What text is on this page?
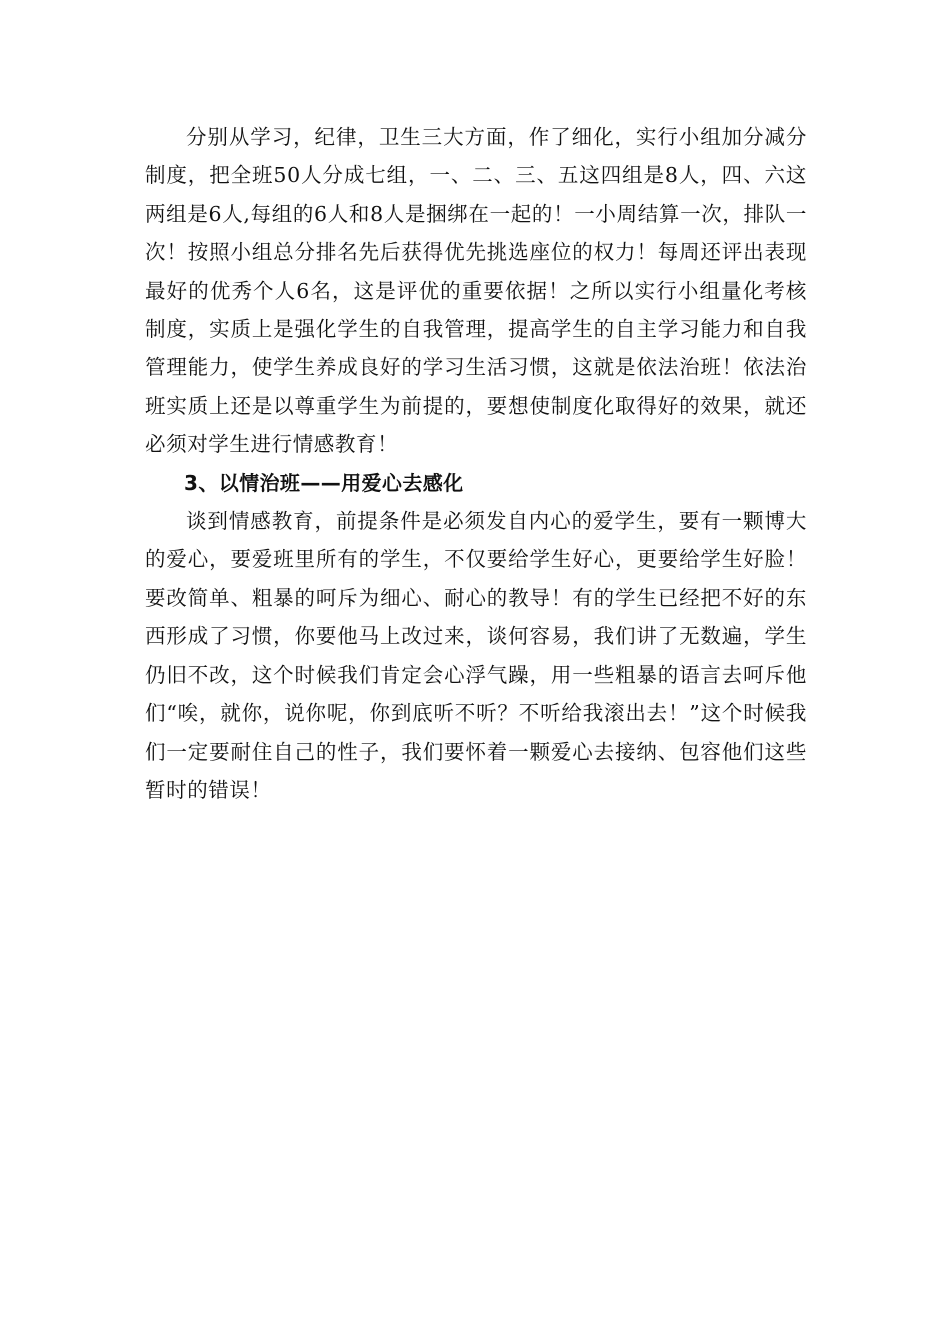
分别从学习，纪律，卫生三大方面，作了细化，实行小组加分减分制度，把全班50人分成七组，一、二、三、五这四组是8人，四、六这两组是6人,每组的6人和8人是捆绑在一起的！一小周结算一次，排队一次！按照小组总分排名先后获得优先挑选座位的权力！每周还评出表现最好的优秀个人6名，这是评优的重要依据！之所以实行小组量化考核制度，实质上是强化学生的自我管理，提高学生的自主学习能力和自我管理能力，使学生养成良好的学习生活习惯，这就是依法治班！依法治班实质上还是以尊重学生为前提的，要想使制度化取得好的效果，就还必须对学生进行情感教育！

3、以情治班——用爱心去感化

谈到情感教育，前提条件是必须发自内心的爱学生，要有一颗博大的爱心，要爱班里所有的学生，不仅要给学生好心，更要给学生好脸！要改简单、粗暴的呵斥为细心、耐心的教导！有的学生已经把不好的东西形成了习惯，你要他马上改过来，谈何容易，我们讲了无数遍，学生仍旧不改，这个时候我们肯定会心浮气躁，用一些粗暴的语言去呵斥他们“唉，就你，说你呢，你到底听不听？不听给我滚出去！”这个时候我们一定要耐住自己的性子，我们要怀着一颗爱心去接纳、包容他们这些暂时的错误！
